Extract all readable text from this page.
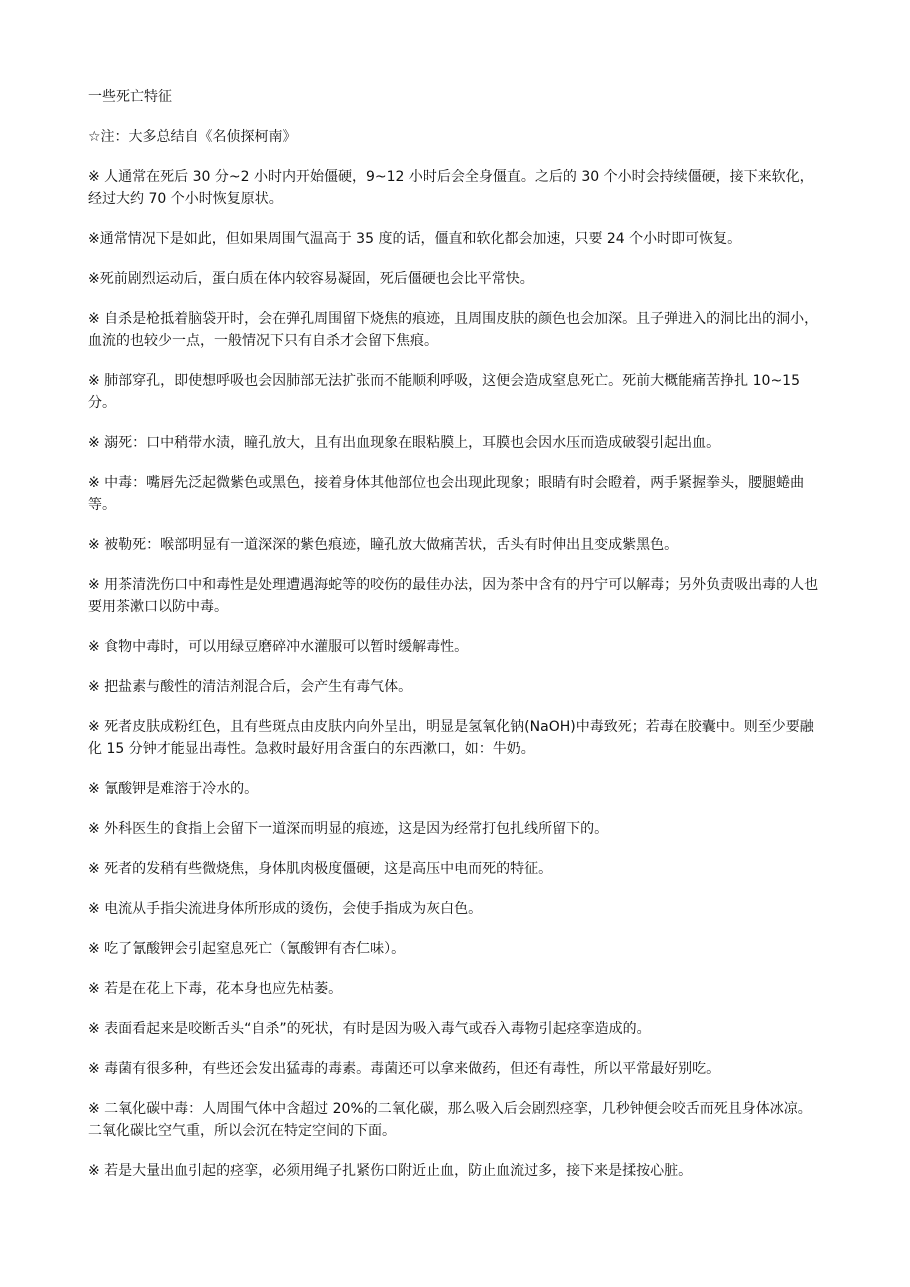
一些死亡特征

☆注：大多总结自《名侦探柯南》

※ 人通常在死后 30 分~2 小时内开始僵硬，9~12 小时后会全身僵直。之后的 30 个小时会持续僵硬，接下来软化，经过大约 70 个小时恢复原状。

※通常情况下是如此，但如果周围气温高于 35 度的话，僵直和软化都会加速，只要 24 个小时即可恢复。

※死前剧烈运动后，蛋白质在体内较容易凝固，死后僵硬也会比平常快。

※ 自杀是枪抵着脑袋开时，会在弹孔周围留下烧焦的痕迹，且周围皮肤的颜色也会加深。且子弹进入的洞比出的洞小，血流的也较少一点，一般情况下只有自杀才会留下焦痕。

※ 肺部穿孔，即使想呼吸也会因肺部无法扩张而不能顺利呼吸，这便会造成窒息死亡。死前大概能痛苦挣扎 10~15 分。

※ 溺死：口中稍带水渍，瞳孔放大，且有出血现象在眼粘膜上，耳膜也会因水压而造成破裂引起出血。

※ 中毒：嘴唇先泛起微紫色或黑色，接着身体其他部位也会出现此现象；眼睛有时会瞪着，两手紧握拳头，腰腿蜷曲等。

※ 被勒死：喉部明显有一道深深的紫色痕迹，瞳孔放大做痛苦状，舌头有时伸出且变成紫黑色。

※ 用茶清洗伤口中和毒性是处理遭遇海蛇等的咬伤的最佳办法，因为茶中含有的丹宁可以解毒；另外负责吸出毒的人也要用茶漱口以防中毒。

※ 食物中毒时，可以用绿豆磨碎冲水灌服可以暂时缓解毒性。

※ 把盐素与酸性的清洁剂混合后，会产生有毒气体。

※ 死者皮肤成粉红色，且有些斑点由皮肤内向外呈出，明显是氢氧化钠(NaOH)中毒致死；若毒在胶囊中。则至少要融化 15 分钟才能显出毒性。急救时最好用含蛋白的东西漱口，如：牛奶。

※ 氰酸钾是难溶于冷水的。

※ 外科医生的食指上会留下一道深而明显的痕迹，这是因为经常打包扎线所留下的。

※ 死者的发稍有些微烧焦，身体肌肉极度僵硬，这是高压中电而死的特征。

※ 电流从手指尖流进身体所形成的烫伤，会使手指成为灰白色。

※ 吃了氰酸钾会引起窒息死亡（氰酸钾有杏仁味）。

※ 若是在花上下毒，花本身也应先枯萎。

※ 表面看起来是咬断舌头“自杀”的死状，有时是因为吸入毒气或吞入毒物引起痉挛造成的。

※ 毒菌有很多种，有些还会发出猛毒的毒素。毒菌还可以拿来做药，但还有毒性，所以平常最好别吃。

※ 二氧化碳中毒：人周围气体中含超过 20%的二氧化碳，那么吸入后会剧烈痉挛，几秒钟便会咬舌而死且身体冰凉。二氧化碳比空气重，所以会沉在特定空间的下面。

※ 若是大量出血引起的痉挛，必须用绳子扎紧伤口附近止血，防止血流过多，接下来是揉按心脏。
